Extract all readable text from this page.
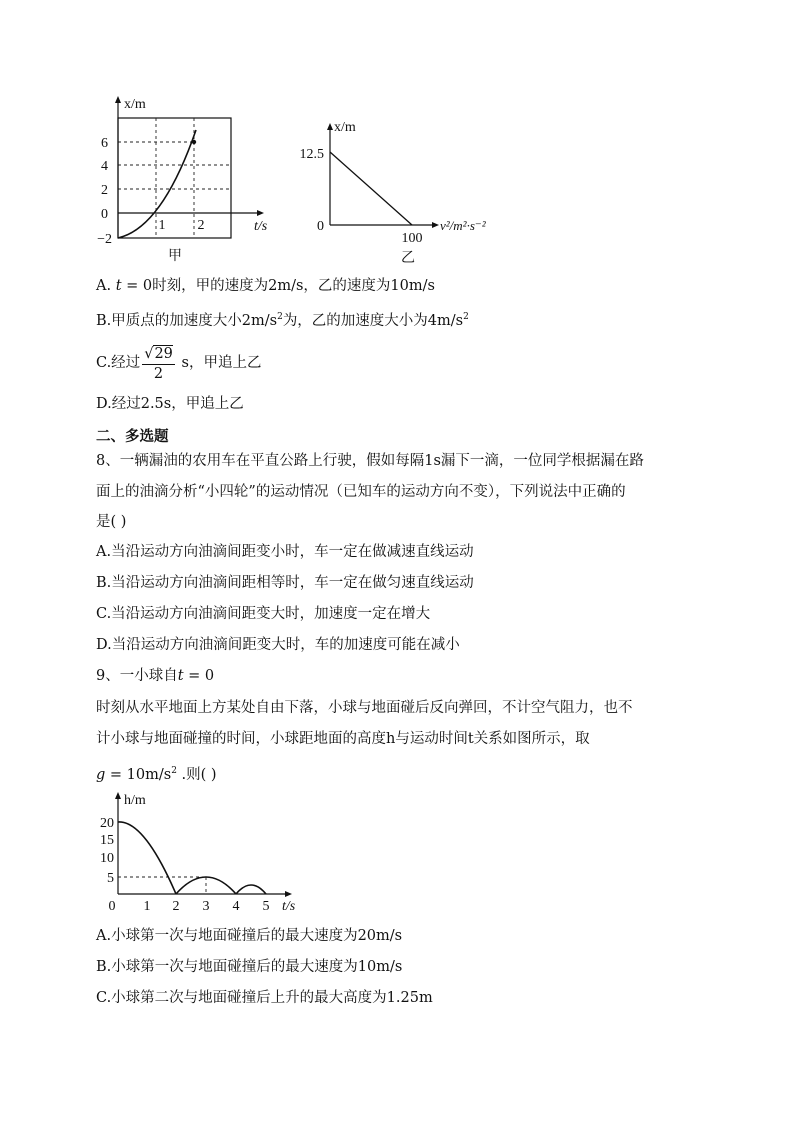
x/m
6
4
2
0
−2
1 2	t/s
甲
x/m
12.5
0
100
v²/m²·s⁻²
乙
A. t = 0时刻，甲的速度为2m/s，乙的速度为10m/s
B.甲质点的加速度大小$2m/s^2$为，乙的加速度大小为$4m/s^2$
C.经过 $\frac{√29}{2}$ s，甲追上乙
D.经过2.5s，甲追上乙
二、多选题
8、一辆漏油的农用车在平直公路上行驶，假如每隔1s漏下一滴，一位同学根据漏在路
面上的油滴分析“小四轮”的运动情况（已知车的运动方向不变），下列说法中正确的
是( )
A.当沿运动方向油滴间距变小时，车一定在做减速直线运动
B.当沿运动方向油滴间距相等时，车一定在做匀速直线运动
C.当沿运动方向油滴间距变大时，加速度一定在增大
D.当沿运动方向油滴间距变大时，车的加速度可能在减小
9、一小球自t = 0
时刻从水平地面上方某处自由下落，小球与地面碰后反向弹回，不计空气阻力，也不
计小球与地面碰撞的时间，小球距地面的高度h与运动时间t关系如图所示，取
$g = 10m/s^2$ .则( )
h/m
20
15
10
5
0 1 2 3 4 5 t/s
A.小球第一次与地面碰撞后的最大速度为20m/s
B.小球第一次与地面碰撞后的最大速度为10m/s
C.小球第二次与地面碰撞后上升的最大高度为1.25m
